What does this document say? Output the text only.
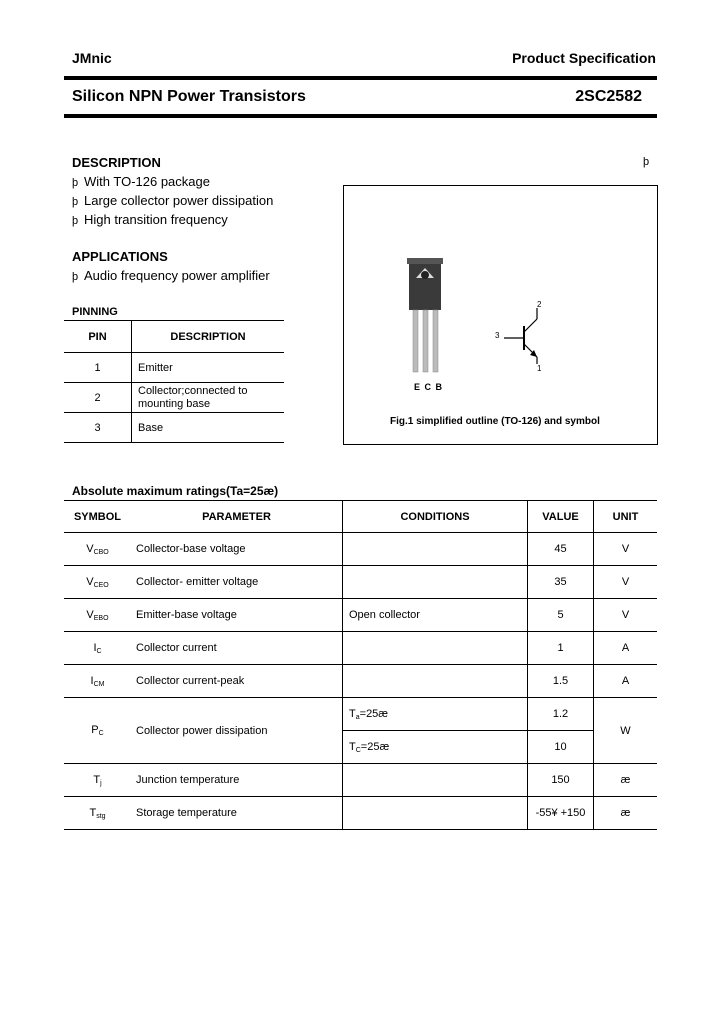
JMnic	Product Specification
Silicon NPN Power Transistors	2SC2582
DESCRIPTION	þ
þ With TO-126 package
þ Large collector power dissipation
þ High transition frequency
APPLICATIONS
þ Audio frequency power amplifier
PINNING
PIN	DESCRIPTION
1	Emitter
2	Collector;connected to mounting base
3	Base
E C B
2
3
1
Fig.1 simplified outline (TO-126) and symbol
Absolute maximum ratings(Ta=25æ)
SYMBOL	PARAMETER	CONDITIONS	VALUE	UNIT
$V_{CBO}$	Collector-base voltage		45	V
$V_{CEO}$	Collector- emitter voltage		35	V
$V_{EBO}$	Emitter-base voltage	Open collector	5	V
$I_C$	Collector current		1	A
$I_{CM}$	Collector current-peak		1.5	A
$P_C$	Collector power dissipation	$T_a=25æ$	1.2	W
		$T_C=25æ$	10	
$T_j$	Junction temperature		150	æ
$T_{stg}$	Storage temperature		-55¥ +150	æ
